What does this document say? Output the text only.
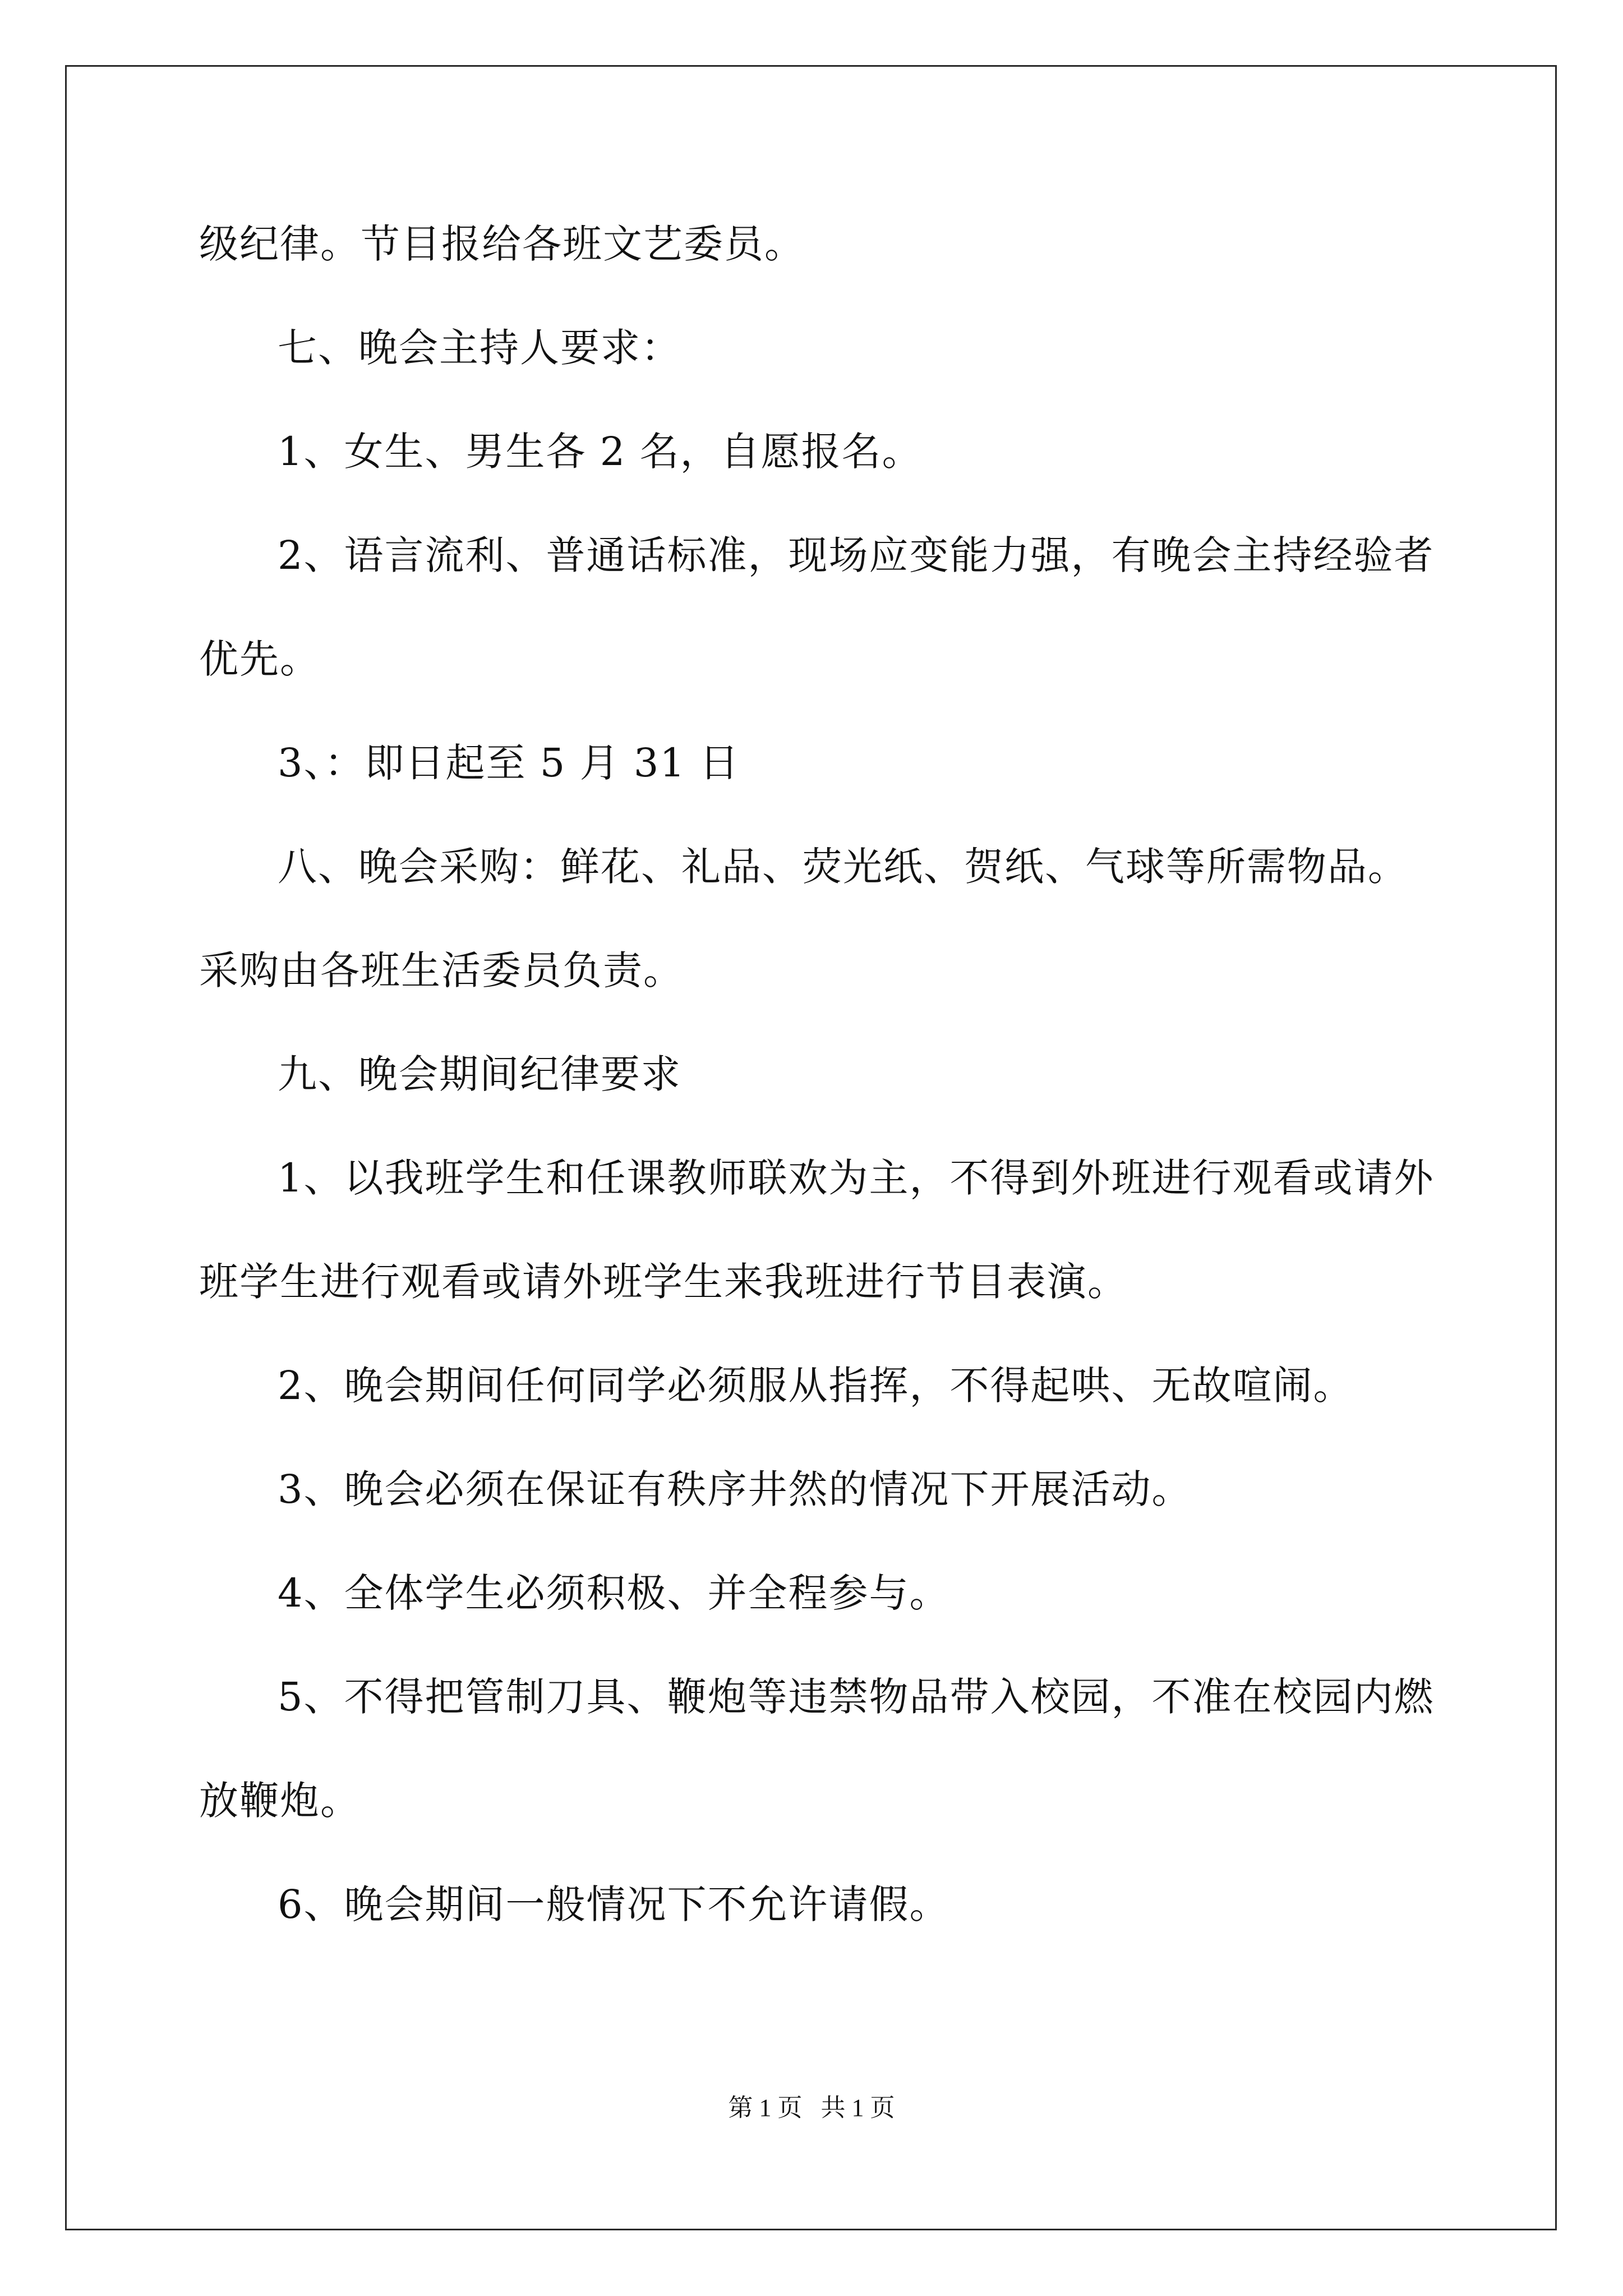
级纪律。节目报给各班文艺委员。
七、晚会主持人要求：
1、女生、男生各 2 名，自愿报名。
2、语言流利、普通话标准，现场应变能力强，有晚会主持经验者
优先。
3、：即日起至 5 月 31 日
八、晚会采购：鲜花、礼品、荧光纸、贺纸、气球等所需物品。
采购由各班生活委员负责。
九、晚会期间纪律要求
1、以我班学生和任课教师联欢为主，不得到外班进行观看或请外
班学生进行观看或请外班学生来我班进行节目表演。
2、晚会期间任何同学必须服从指挥，不得起哄、无故喧闹。
3、晚会必须在保证有秩序井然的情况下开展活动。
4、全体学生必须积极、并全程参与。
5、不得把管制刀具、鞭炮等违禁物品带入校园，不准在校园内燃
放鞭炮。
6、晚会期间一般情况下不允许请假。
第 1 页   共 1 页
